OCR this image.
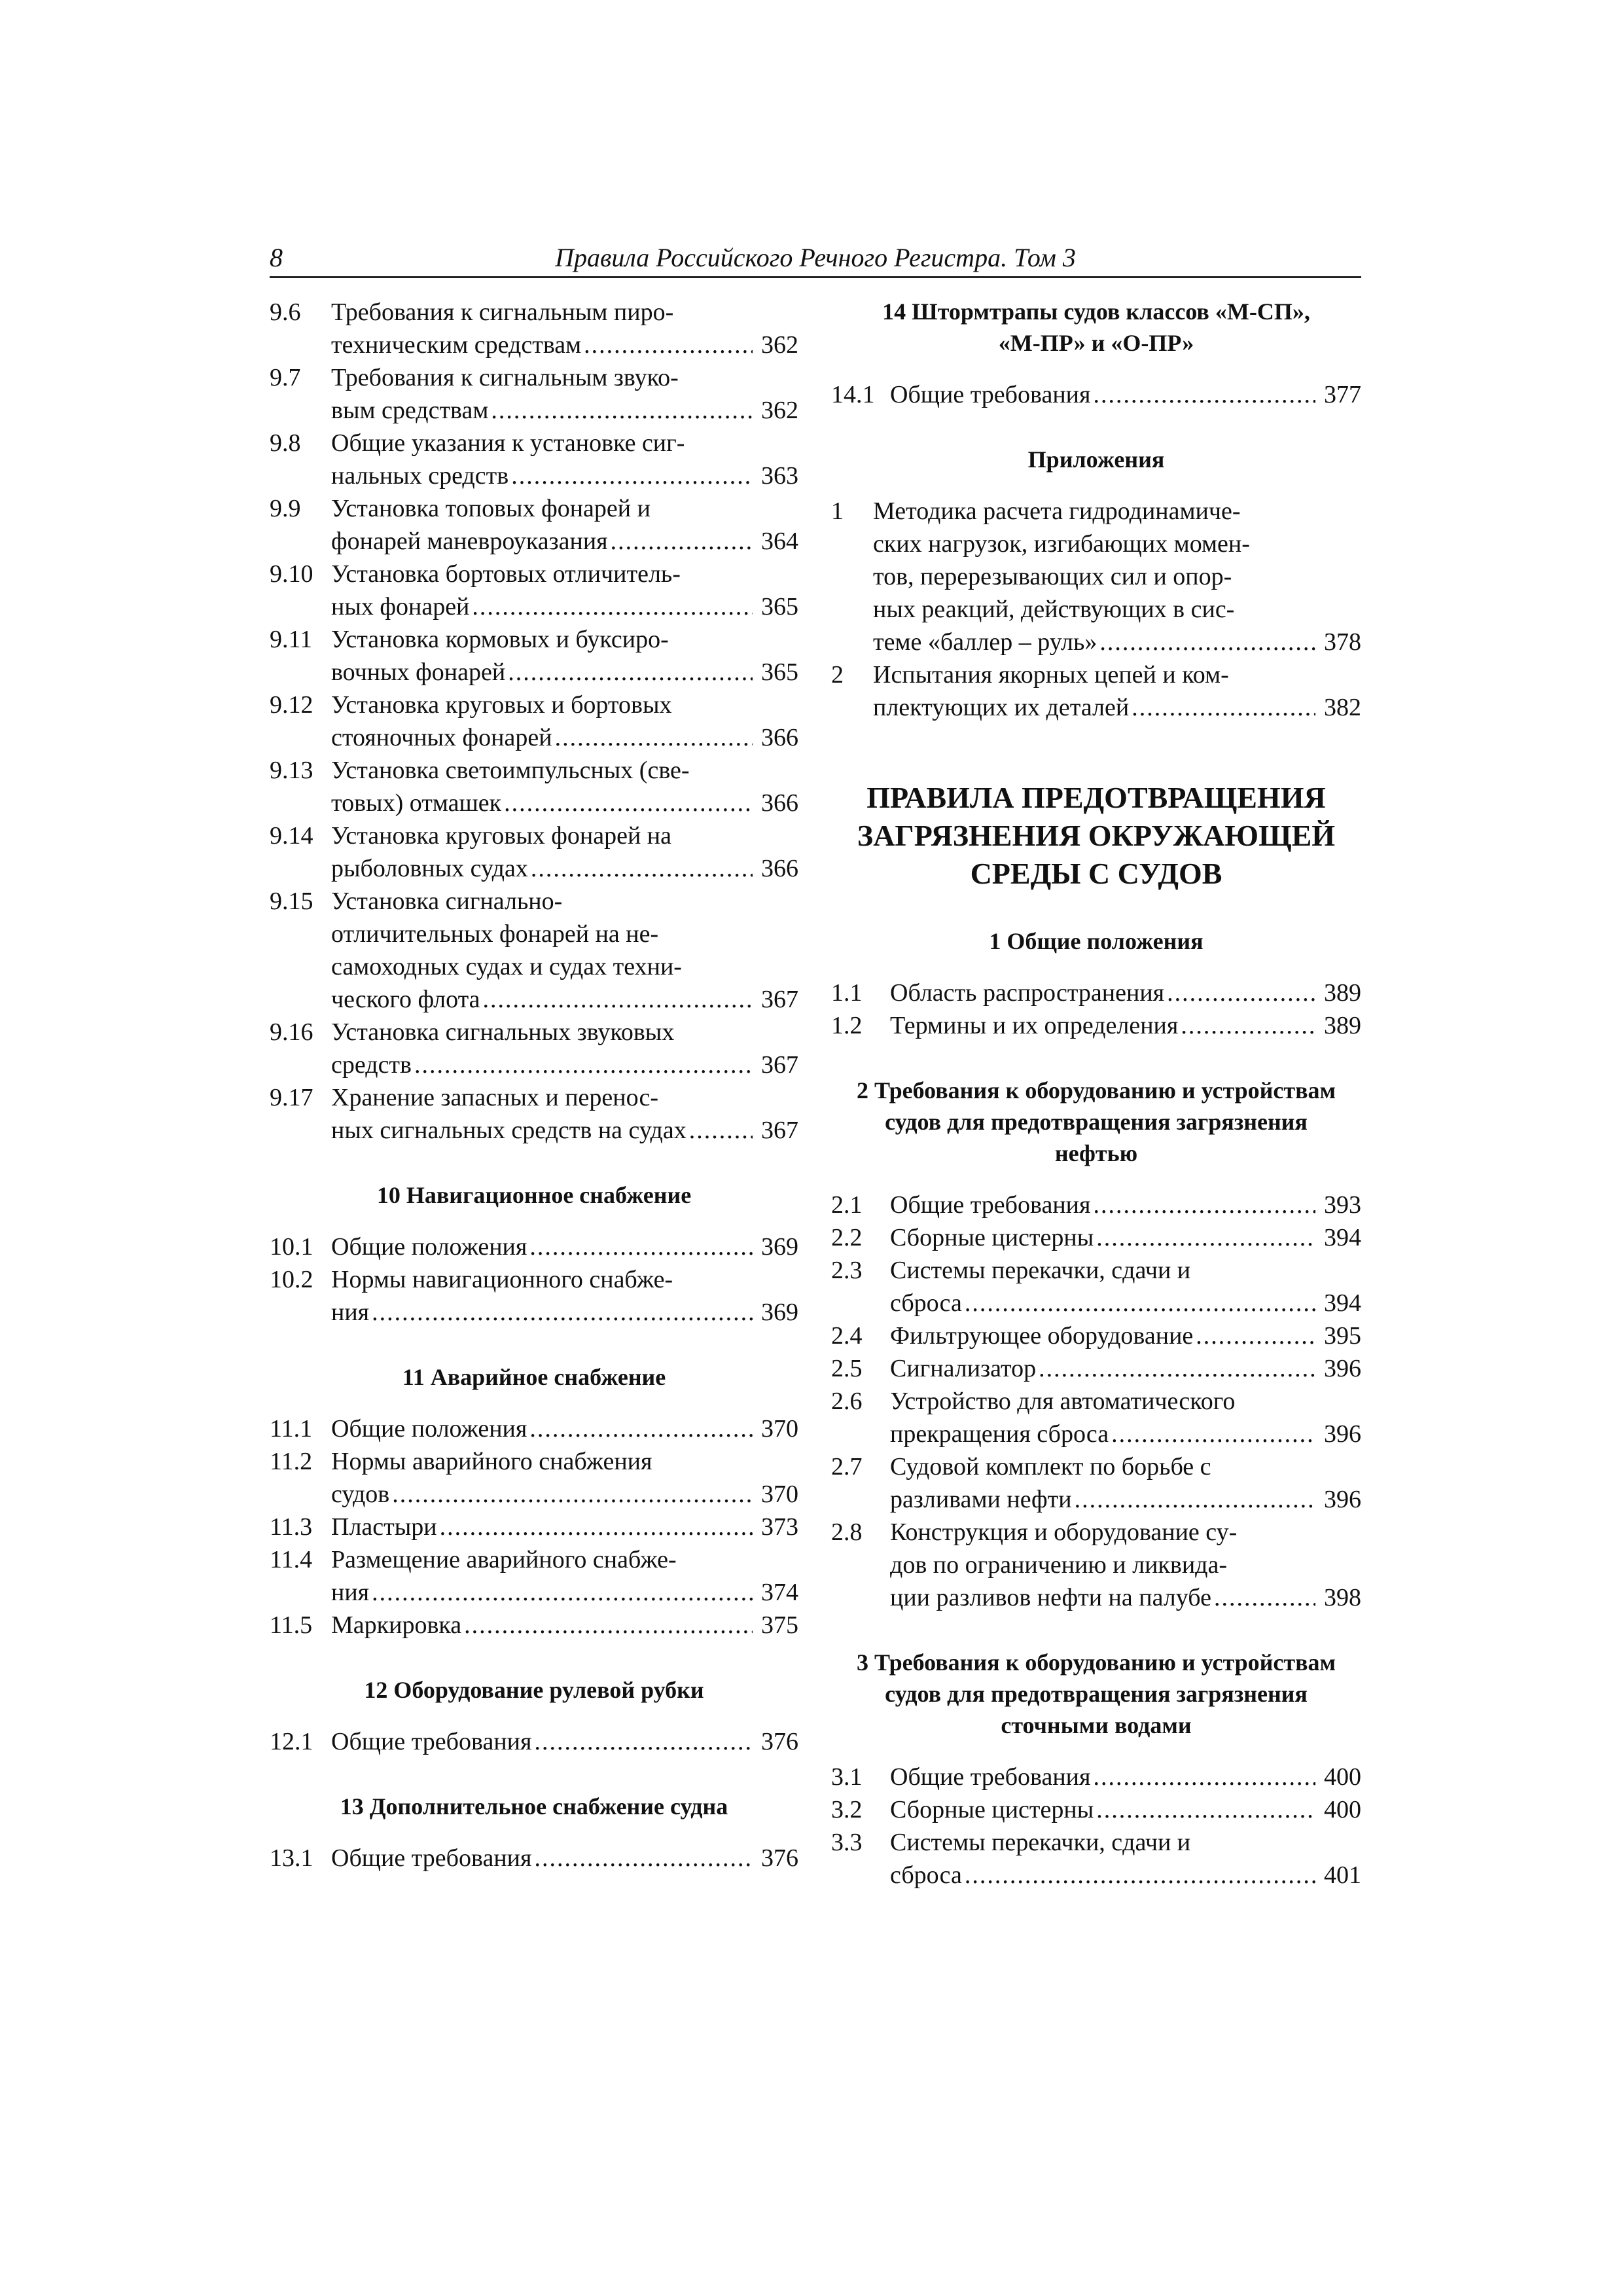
8	Правила Российского Речного Регистра. Том 3
9.6	Требования к сигнальным пиро-
техническим средствам .....	362
9.7	Требования к сигнальным звуко-
вым средствам .....	362
9.8	Общие указания к установке сиг-
нальных средств .....	363
9.9	Установка топовых фонарей и
фонарей маневроуказания .....	364
9.10 Установка бортовых отличитель-
ных фонарей .....	365
9.11 Установка кормовых и буксиро-
вочных фонарей .....	365
9.12 Установка круговых и бортовых
стояночных фонарей .....	366
9.13 Установка светоимпульсных (све-
товых) отмашек .....	366
9.14 Установка круговых фонарей на
рыболовных судах .....	366
9.15 Установка сигнально-
отличительных фонарей на не-
самоходных судах и судах техни-
ческого флота .....	367
9.16 Установка сигнальных звуковых
средств .....	367
9.17 Хранение запасных и перенос-
ных сигнальных средств на судах .....	367
10 Навигационное снабжение
10.1 Общие положения .....	369
10.2 Нормы навигационного снабже-
ния .....	369
11 Аварийное снабжение
11.1 Общие положения .....	370
11.2 Нормы аварийного снабжения
судов .....	370
11.3 Пластыри .....	373
11.4 Размещение аварийного снабже-
ния .....	374
11.5 Маркировка .....	375
12 Оборудование рулевой рубки
12.1 Общие требования .....	376
13 Дополнительное снабжение судна
13.1 Общие требования .....	376
14 Штормтрапы судов классов «М-СП»,
«М-ПР» и «О-ПР»
14.1 Общие требования .....	377
Приложения
1	Методика расчета гидродинамиче-
ских нагрузок, изгибающих момен-
тов, перерезывающих сил и опор-
ных реакций, действующих в сис-
теме «баллер – руль» .....	378
2	Испытания якорных цепей и ком-
плектующих их деталей .....	382
ПРАВИЛА ПРЕДОТВРАЩЕНИЯ
ЗАГРЯЗНЕНИЯ ОКРУЖАЮЩЕЙ
СРЕДЫ С СУДОВ
1 Общие положения
1.1	Область распространения .....	389
1.2	Термины и их определения .....	389
2 Требования к оборудованию и устройствам
судов для предотвращения загрязнения
нефтью
2.1	Общие требования .....	393
2.2	Сборные цистерны .....	394
2.3	Системы перекачки, сдачи и
сброса .....	394
2.4	Фильтрующее оборудование .....	395
2.5	Сигнализатор .....	396
2.6	Устройство для автоматического
прекращения сброса .....	396
2.7	Судовой комплект по борьбе с
разливами нефти .....	396
2.8	Конструкция и оборудование су-
дов по ограничению и ликвида-
ции разливов нефти на палубе .....	398
3 Требования к оборудованию и устройствам
судов для предотвращения загрязнения
сточными водами
3.1	Общие требования .....	400
3.2	Сборные цистерны .....	400
3.3	Системы перекачки, сдачи и
сброса .....	401
